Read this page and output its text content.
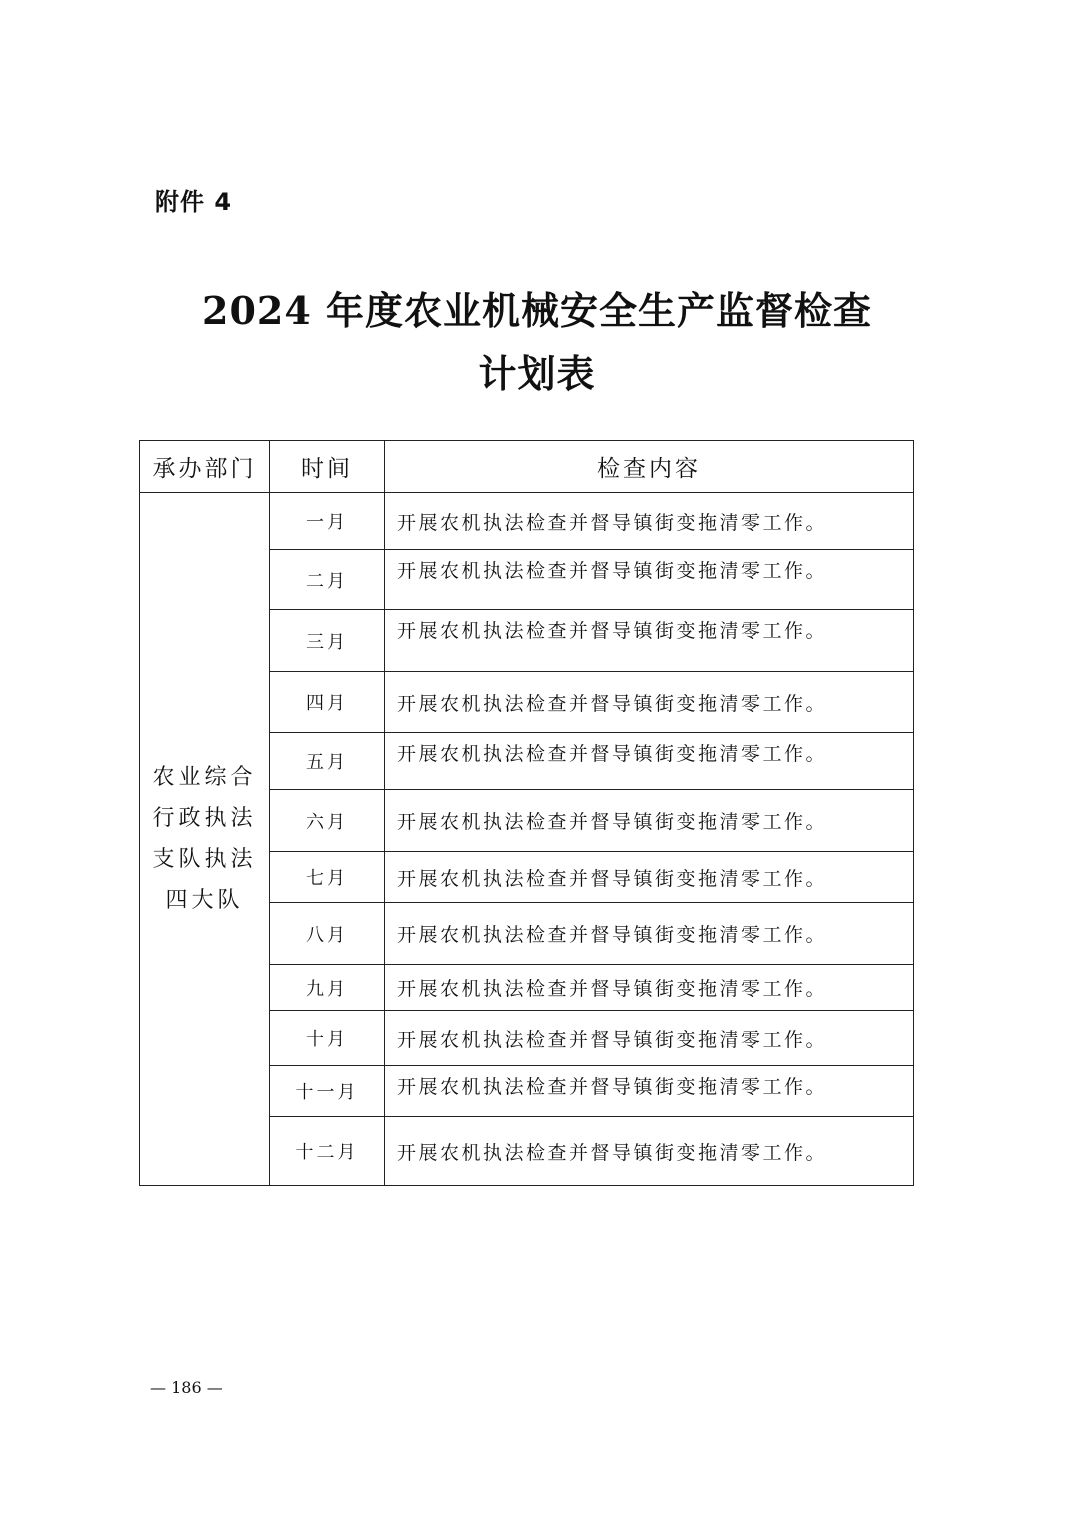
附件 4
2024 年度农业机械安全生产监督检查
计划表
承办部门	时间	检查内容

农业综合
行政执法
支队执法
四大队	一月	开展农机执法检查并督导镇街变拖清零工作。
	二月	开展农机执法检查并督导镇街变拖清零工作。
	三月	开展农机执法检查并督导镇街变拖清零工作。
	四月	开展农机执法检查并督导镇街变拖清零工作。
	五月	开展农机执法检查并督导镇街变拖清零工作。
	六月	开展农机执法检查并督导镇街变拖清零工作。
	七月	开展农机执法检查并督导镇街变拖清零工作。
	八月	开展农机执法检查并督导镇街变拖清零工作。
	九月	开展农机执法检查并督导镇街变拖清零工作。
	十月	开展农机执法检查并督导镇街变拖清零工作。
	十一月	开展农机执法检查并督导镇街变拖清零工作。
	十二月	开展农机执法检查并督导镇街变拖清零工作。
— 186 —
